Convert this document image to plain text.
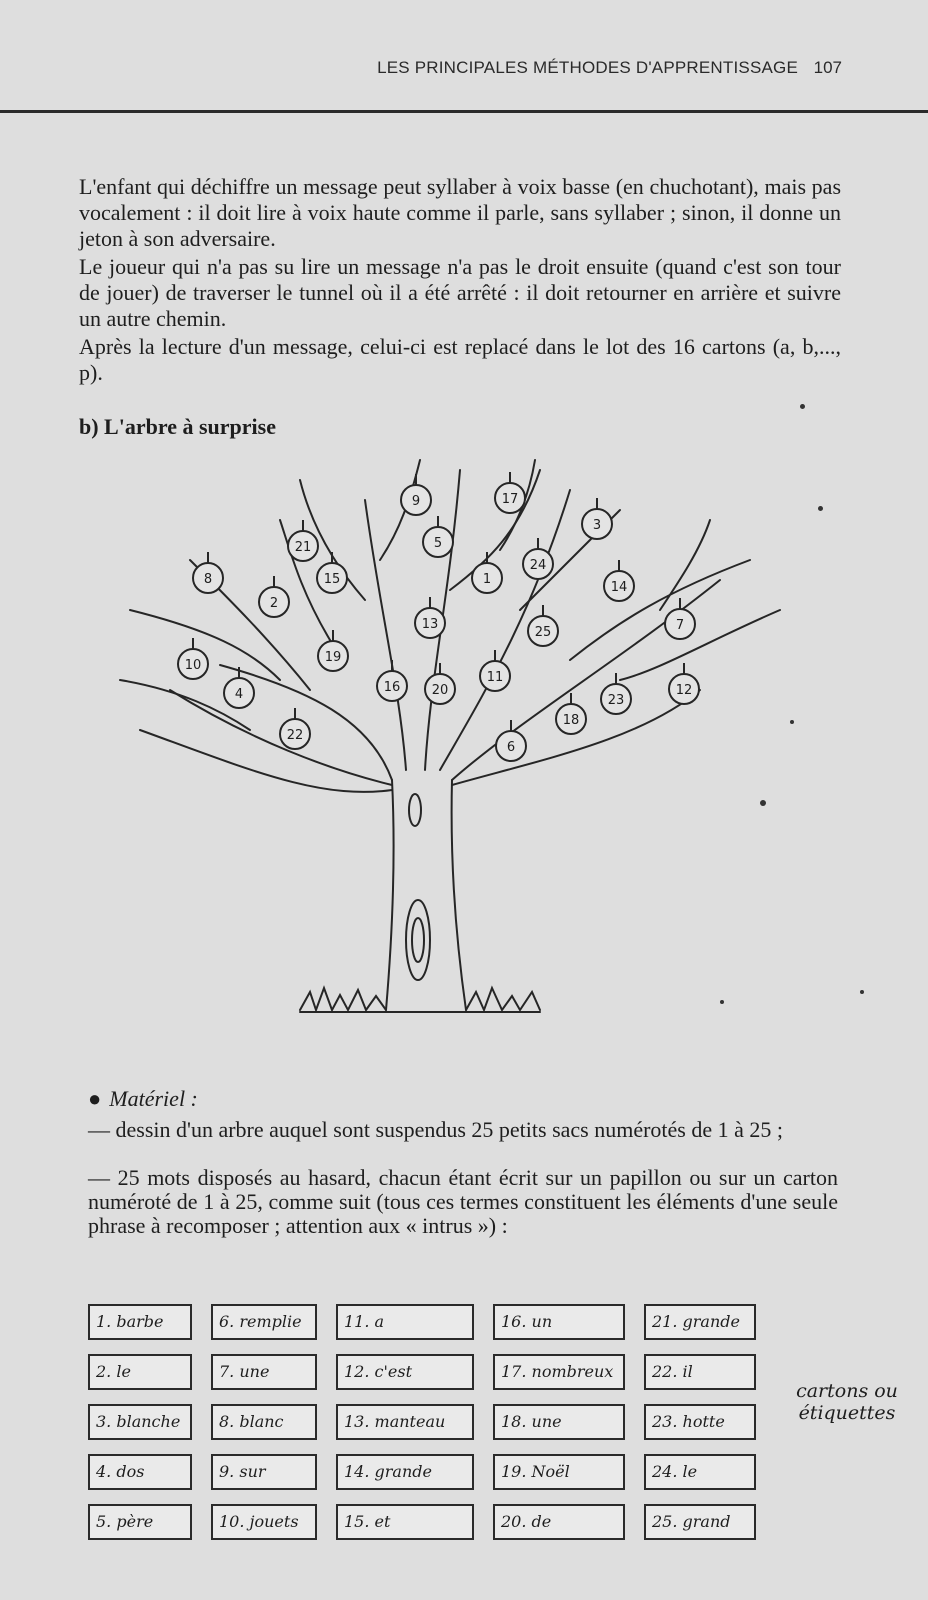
LES PRINCIPALES MÉTHODES D'APPRENTISSAGE 107
L'enfant qui déchiffre un message peut syllaber à voix basse (en chuchotant), mais pas vocalement : il doit lire à voix haute comme il parle, sans syllaber ; sinon, il donne un jeton à son adversaire.
Le joueur qui n'a pas su lire un message n'a pas le droit ensuite (quand c'est son tour de jouer) de traverser le tunnel où il a été arrêté : il doit retourner en arrière et suivre un autre chemin.
Après la lecture d'un message, celui-ci est replacé dans le lot des 16 cartons (a, b,..., p).
b) L'arbre à surprise
9	17
21	5
3
8	15
24
1
14
2
13
25	7
10
19
16 20
11
4	23
12
18
22
6
● Matériel :
— dessin d'un arbre auquel sont suspendus 25 petits sacs numérotés de 1 à 25 ;
— 25 mots disposés au hasard, chacun étant écrit sur un papillon ou sur un carton numéroté de 1 à 25, comme suit (tous ces termes constituent les éléments d'une seule phrase à recomposer ; attention aux « intrus ») :
1. barbe	6. remplie	11. a	16. un	21. grande
2. le	7. une	12. c'est	17. nombreux	22. il
3. blanche	8. blanc	13. manteau	18. une	23. hotte
4. dos	9. sur	14. grande	19. Noël	24. le
5. père	10. jouets	15. et	20. de	25. grand
cartons ou étiquettes
